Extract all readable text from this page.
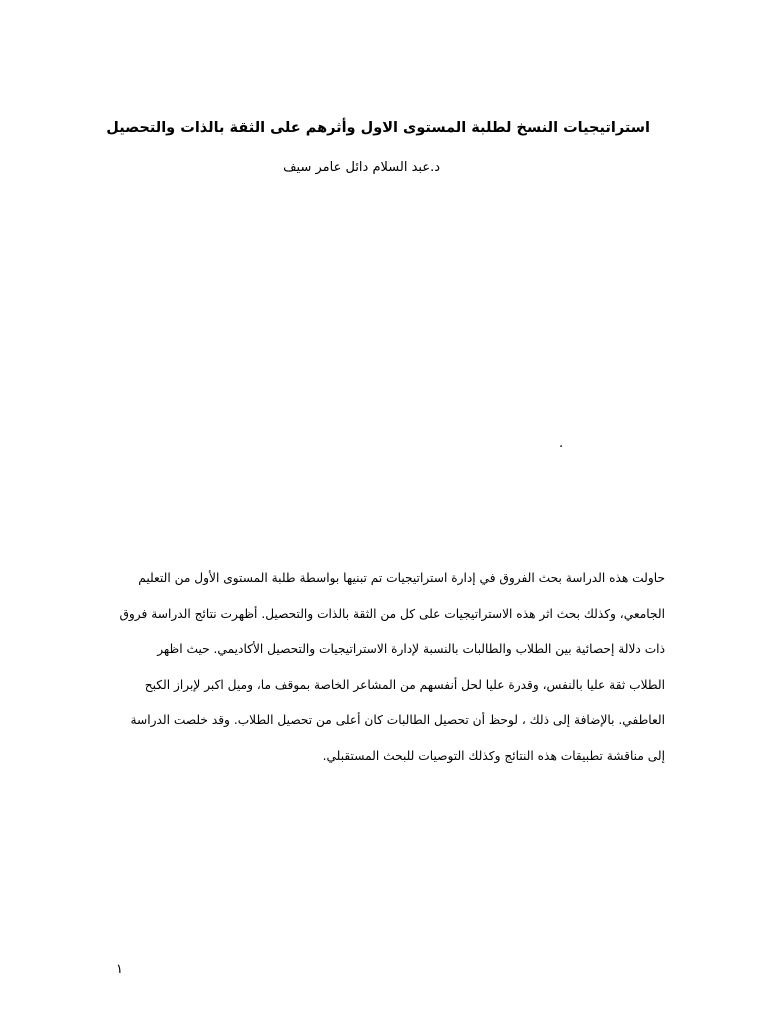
استراتيجيات النسخ لطلبة المستوى الاول وأثرهم على الثقة بالذات والتحصيل
د.عبد السلام دائل عامر سيف
.
حاولت هذه الدراسة بحث الفروق في إدارة استراتيجيات تم تبنيها بواسطة طلبة المستوى الأول من التعليم
الجامعي، وكذلك بحث اثر هذه الاستراتيجيات على كل من الثقة بالذات والتحصيل. أظهرت نتائج الدراسة فروق
ذات دلالة إحصائية بين الطلاب والطالبات بالنسبة لإدارة الاستراتيجيات والتحصيل الأكاديمي. حيث اظهر
الطلاب ثقة عليا بالنفس، وقدرة عليا لحل أنفسهم من المشاعر الخاصة بموقف ما، وميل اكبر لإبراز الكبح
العاطفي. بالإضافة إلى ذلك ، لوحظ أن تحصيل الطالبات كان أعلى من تحصيل الطلاب. وقد خلصت الدراسة
إلى مناقشة تطبيقات هذه النتائج وكذلك التوصيات للبحث المستقبلي.
١
